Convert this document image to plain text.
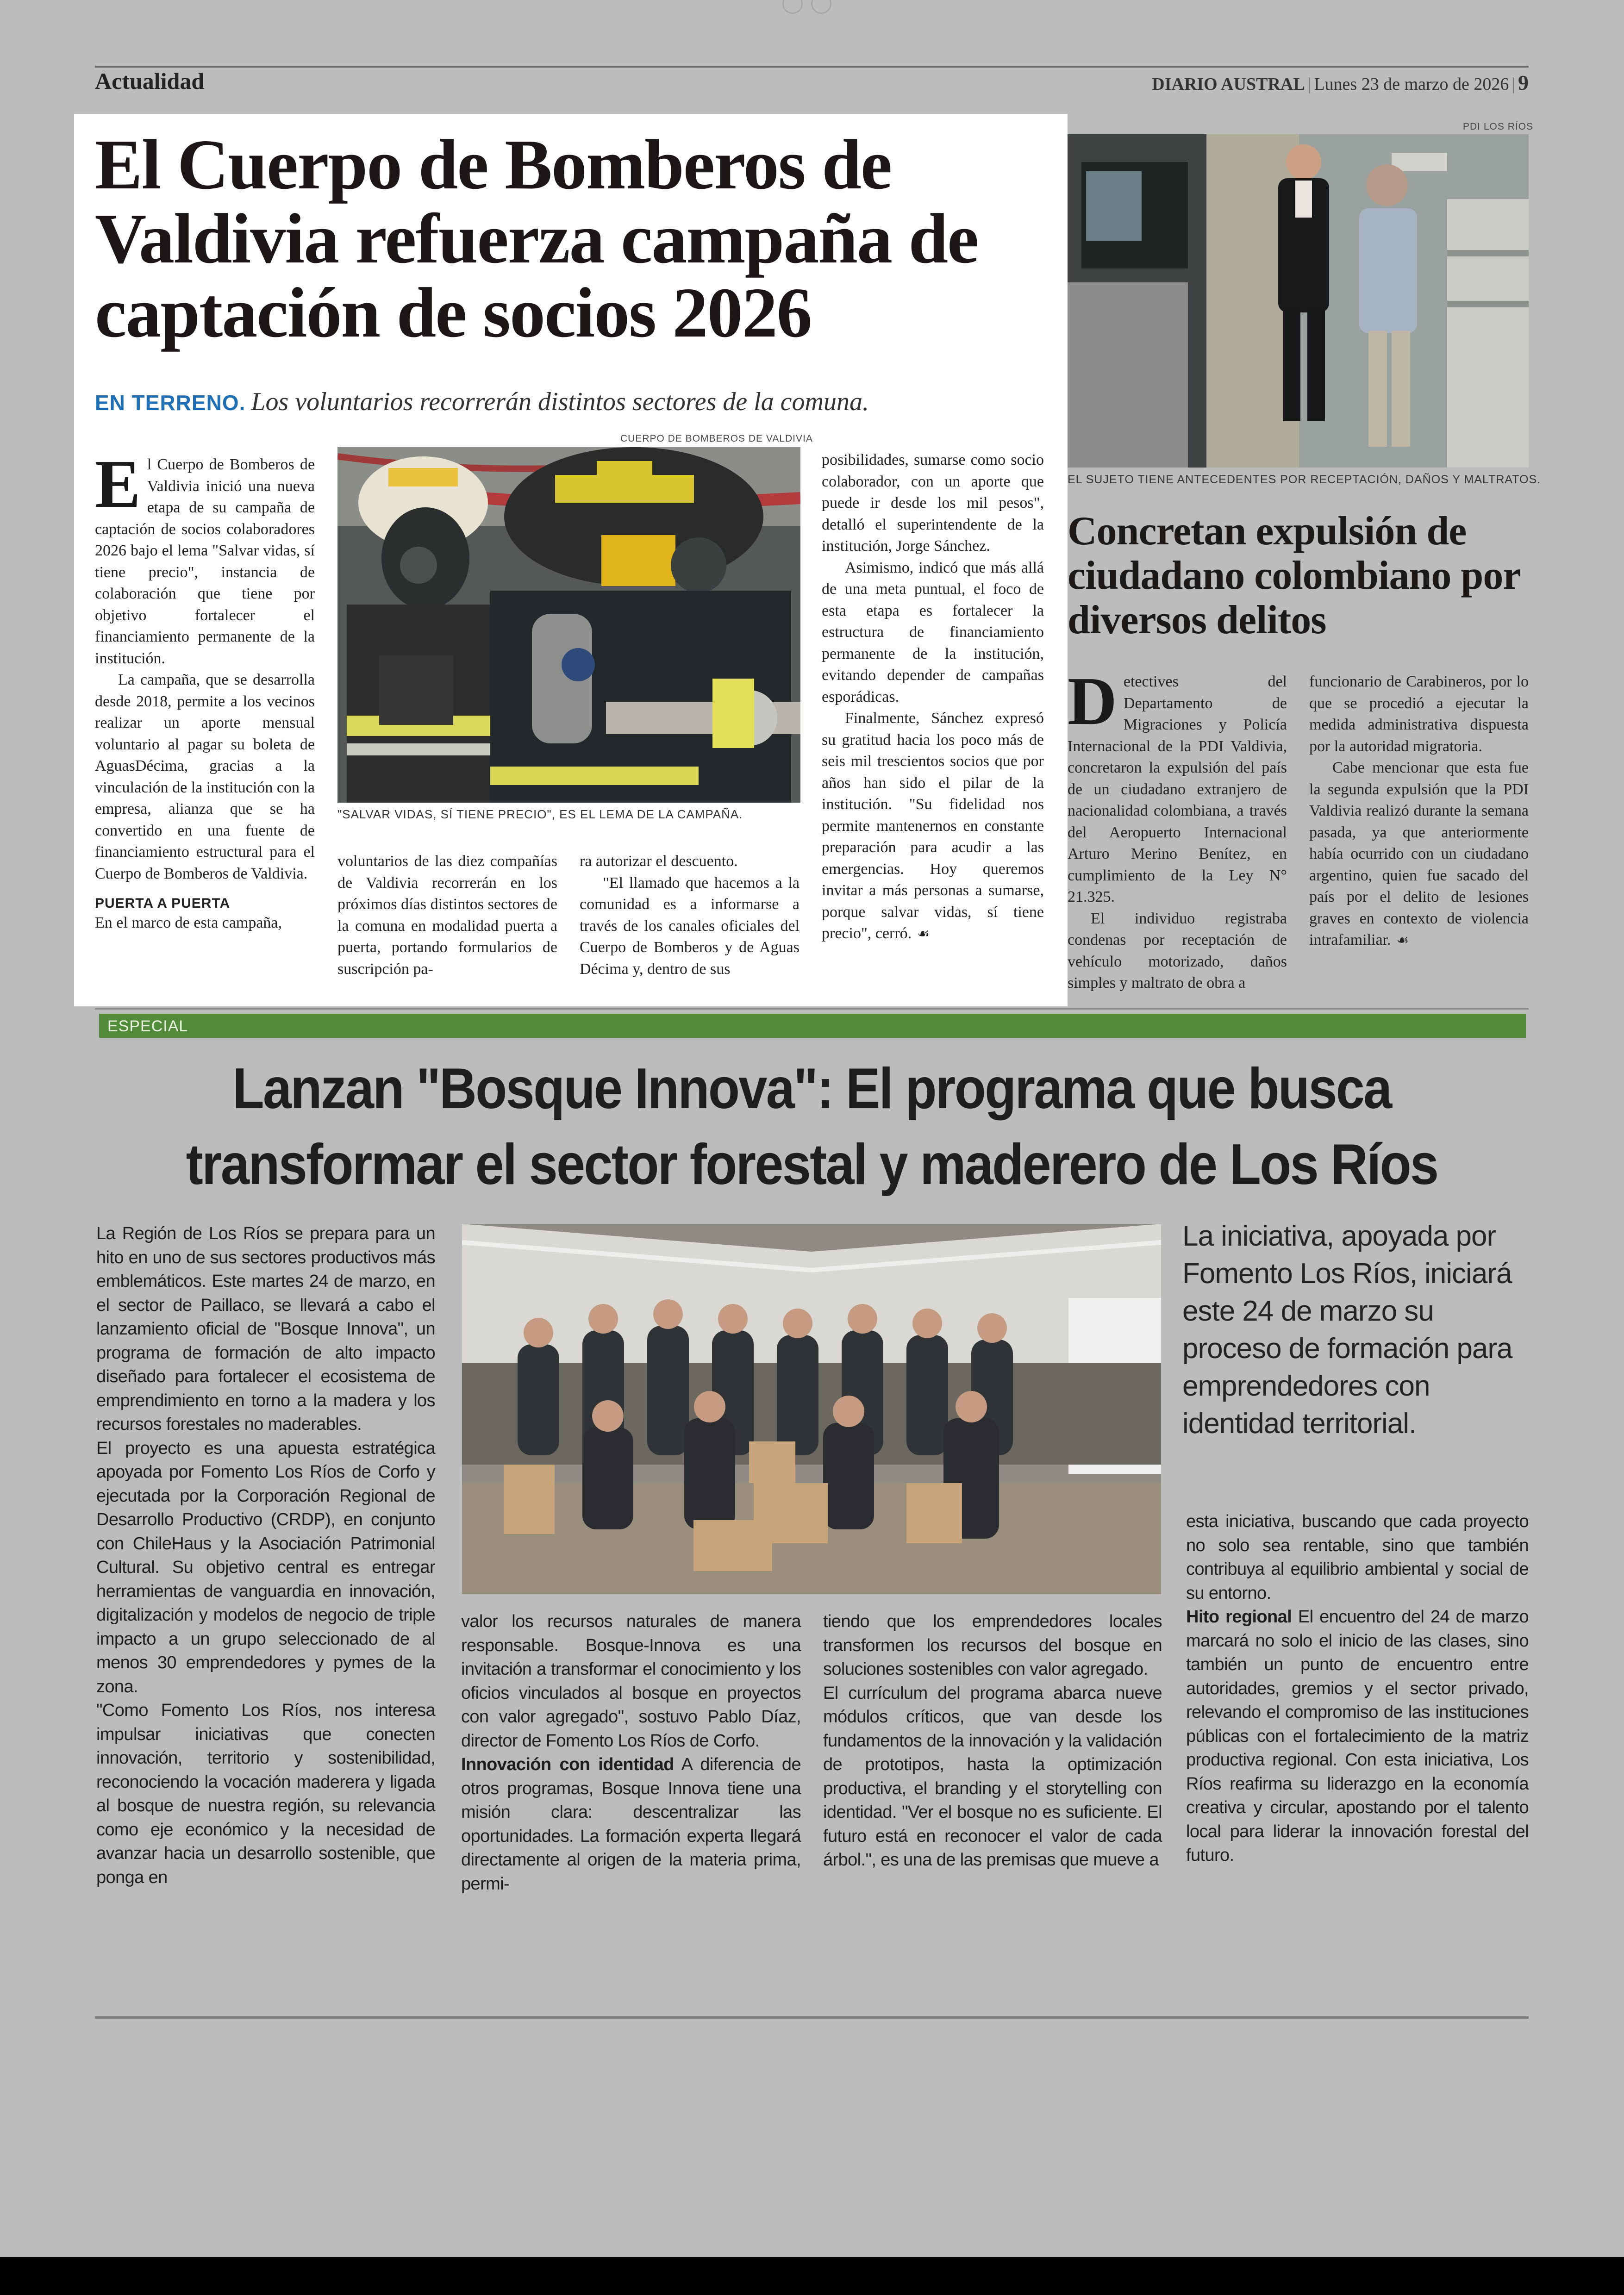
Actualidad	DIARIO AUSTRAL | Lunes 23 de marzo de 2026 | 9
El Cuerpo de Bomberos de Valdivia refuerza campaña de captación de socios 2026
EN TERRENO. Los voluntarios recorrerán distintos sectores de la comuna.

El Cuerpo de Bomberos de Valdivia inició una nueva etapa de su campaña de captación de socios colaboradores 2026 bajo el lema "Salvar vidas, sí tiene precio", instancia de colaboración que tiene por objetivo fortalecer el financiamiento permanente de la institución.

La campaña, que se desarrolla desde 2018, permite a los vecinos realizar un aporte mensual voluntario al pagar su boleta de AguasDécima, gracias a la vinculación de la institución con la empresa, alianza que se ha convertido en una fuente de financiamiento estructural para el Cuerpo de Bomberos de Valdivia.

PUERTA A PUERTA

En el marco de esta campaña,

CUERPO DE BOMBEROS DE VALDIVIA
"SALVAR VIDAS, SÍ TIENE PRECIO", ES EL LEMA DE LA CAMPAÑA.

voluntarios de las diez compañías de Valdivia recorrerán en los próximos días distintos sectores de la comuna en modalidad puerta a puerta, portando formularios de suscripción pa-

ra autorizar el descuento.

"El llamado que hacemos a la comunidad es a informarse a través de los canales oficiales del Cuerpo de Bomberos y de Aguas Décima y, dentro de sus

posibilidades, sumarse como socio colaborador, con un aporte que puede ir desde los mil pesos", detalló el superintendente de la institución, Jorge Sánchez.

Asimismo, indicó que más allá de una meta puntual, el foco de esta etapa es fortalecer la estructura de financiamiento permanente de la institución, evitando depender de campañas esporádicas.

Finalmente, Sánchez expresó su gratitud hacia los poco más de seis mil trescientos socios que por años han sido el pilar de la institución. "Su fidelidad nos permite mantenernos en constante preparación para acudir a las emergencias. Hoy queremos invitar a más personas a sumarse, porque salvar vidas, sí tiene precio", cerró. ☙

PDI LOS RÍOS
EL SUJETO TIENE ANTECEDENTES POR RECEPTACIÓN, DAÑOS Y MALTRATOS.
Concretan expulsión de ciudadano colombiano por diversos delitos

Detectives del Departamento de Migraciones y Policía Internacional de la PDI Valdivia, concretaron la expulsión del país de un ciudadano extranjero de nacionalidad colombiana, a través del Aeropuerto Internacional Arturo Merino Benítez, en cumplimiento de la Ley N° 21.325.

El individuo registraba condenas por receptación de vehículo motorizado, daños simples y maltrato de obra a

funcionario de Carabineros, por lo que se procedió a ejecutar la medida administrativa dispuesta por la autoridad migratoria.

Cabe mencionar que esta fue la segunda expulsión que la PDI Valdivia realizó durante la semana pasada, ya que anteriormente había ocurrido con un ciudadano argentino, quien fue sacado del país por el delito de lesiones graves en contexto de violencia intrafamiliar. ☙

ESPECIAL
Lanzan "Bosque Innova": El programa que busca transformar el sector forestal y maderero de Los Ríos

La Región de Los Ríos se prepara para un hito en uno de sus sectores productivos más emblemáticos. Este martes 24 de marzo, en el sector de Paillaco, se llevará a cabo el lanzamiento oficial de "Bosque Innova", un programa de formación de alto impacto diseñado para fortalecer el ecosistema de emprendimiento en torno a la madera y los recursos forestales no maderables.

El proyecto es una apuesta estratégica apoyada por Fomento Los Ríos de Corfo y ejecutada por la Corporación Regional de Desarrollo Productivo (CRDP), en conjunto con ChileHaus y la Asociación Patrimonial Cultural. Su objetivo central es entregar herramientas de vanguardia en innovación, digitalización y modelos de negocio de triple impacto a un grupo seleccionado de al menos 30 emprendedores y pymes de la zona.

"Como Fomento Los Ríos, nos interesa impulsar iniciativas que conecten innovación, territorio y sostenibilidad, reconociendo la vocación maderera y ligada al bosque de nuestra región, su relevancia como eje económico y la necesidad de avanzar hacia un desarrollo sostenible, que ponga en

La iniciativa, apoyada por Fomento Los Ríos, iniciará este 24 de marzo su proceso de formación para emprendedores con identidad territorial.

valor los recursos naturales de manera responsable. Bosque-Innova es una invitación a transformar el conocimiento y los oficios vinculados al bosque en proyectos con valor agregado", sostuvo Pablo Díaz, director de Fomento Los Ríos de Corfo.

Innovación con identidad A diferencia de otros programas, Bosque Innova tiene una misión clara: descentralizar las oportunidades. La formación experta llegará directamente al origen de la materia prima, permi-

tiendo que los emprendedores locales transformen los recursos del bosque en soluciones sostenibles con valor agregado.

El currículum del programa abarca nueve módulos críticos, que van desde los fundamentos de la innovación y la validación de prototipos, hasta la optimización productiva, el branding y el storytelling con identidad. "Ver el bosque no es suficiente. El futuro está en reconocer el valor de cada árbol.", es una de las premisas que mueve a

esta iniciativa, buscando que cada proyecto no solo sea rentable, sino que también contribuya al equilibrio ambiental y social de su entorno.

Hito regional El encuentro del 24 de marzo marcará no solo el inicio de las clases, sino también un punto de encuentro entre autoridades, gremios y el sector privado, relevando el compromiso de las instituciones públicas con el fortalecimiento de la matriz productiva regional. Con esta iniciativa, Los Ríos reafirma su liderazgo en la economía creativa y circular, apostando por el talento local para liderar la innovación forestal del futuro.
